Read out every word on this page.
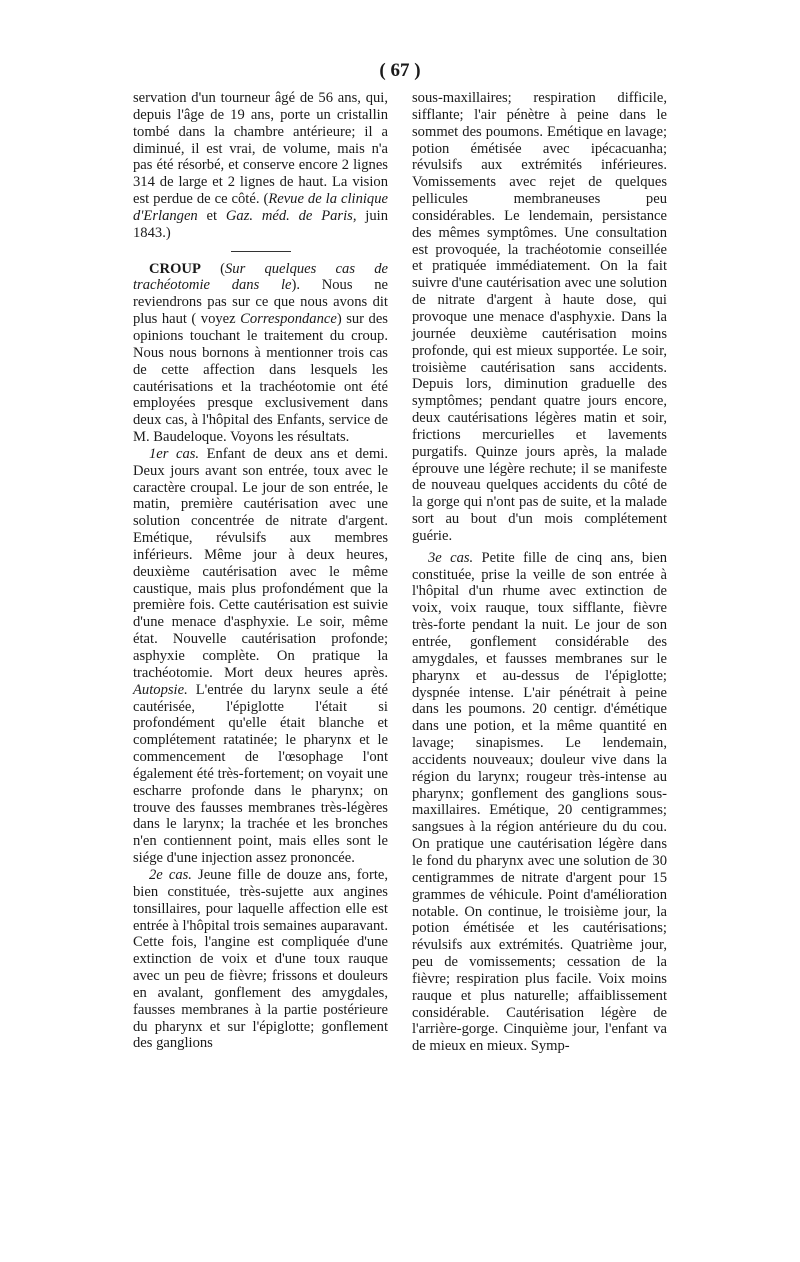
( 67 )

servation d'un tourneur âgé de 56 ans, qui, depuis l'âge de 19 ans, porte un cristallin tombé dans la chambre antérieure; il a diminué, il est vrai, de volume, mais n'a pas été résorbé, et conserve encore 2 lignes 314 de large et 2 lignes de haut. La vision est perdue de ce côté. (Revue de la clinique d'Erlangen et Gaz. méd. de Paris, juin 1843.)

CROUP (Sur quelques cas de trachéotomie dans le). Nous ne reviendrons pas sur ce que nous avons dit plus haut ( voyez Correspondance) sur des opinions touchant le traitement du croup. Nous nous bornons à mentionner trois cas de cette affection dans lesquels les cautérisations et la trachéotomie ont été employées presque exclusivement dans deux cas, à l'hôpital des Enfants, service de M. Baudeloque. Voyons les résultats.

1er cas. Enfant de deux ans et demi. Deux jours avant son entrée, toux avec le caractère croupal. Le jour de son entrée, le matin, première cautérisation avec une solution concentrée de nitrate d'argent. Emétique, révulsifs aux membres inférieurs. Même jour à deux heures, deuxième cautérisation avec le même caustique, mais plus profondément que la première fois. Cette cautérisation est suivie d'une menace d'asphyxie. Le soir, même état. Nouvelle cautérisation profonde; asphyxie complète. On pratique la trachéotomie. Mort deux heures après. Autopsie. L'entrée du larynx seule a été cautérisée, l'épiglotte l'était si profondément qu'elle était blanche et complétement ratatinée; le pharynx et le commencement de l'œsophage l'ont également été très-fortement; on voyait une escharre profonde dans le pharynx; on trouve des fausses membranes très-légères dans le larynx; la trachée et les bronches n'en contiennent point, mais elles sont le siége d'une injection assez prononcée.

2e cas. Jeune fille de douze ans, forte, bien constituée, très-sujette aux angines tonsillaires, pour laquelle affection elle est entrée à l'hôpital trois semaines auparavant. Cette fois, l'angine est compliquée d'une extinction de voix et d'une toux rauque avec un peu de fièvre; frissons et douleurs en avalant, gonflement des amygdales, fausses membranes à la partie postérieure du pharynx et sur l'épiglotte; gonflement des ganglions

sous-maxillaires; respiration difficile, sifflante; l'air pénètre à peine dans le sommet des poumons. Emétique en lavage; potion émétisée avec ipécacuanha; révulsifs aux extrémités inférieures. Vomissements avec rejet de quelques pellicules membraneuses peu considérables. Le lendemain, persistance des mêmes symptômes. Une consultation est provoquée, la trachéotomie conseillée et pratiquée immédiatement. On la fait suivre d'une cautérisation avec une solution de nitrate d'argent à haute dose, qui provoque une menace d'asphyxie. Dans la journée deuxième cautérisation moins profonde, qui est mieux supportée. Le soir, troisième cautérisation sans accidents. Depuis lors, diminution graduelle des symptômes; pendant quatre jours encore, deux cautérisations légères matin et soir, frictions mercurielles et lavements purgatifs. Quinze jours après, la malade éprouve une légère rechute; il se manifeste de nouveau quelques accidents du côté de la gorge qui n'ont pas de suite, et la malade sort au bout d'un mois complétement guérie.

3e cas. Petite fille de cinq ans, bien constituée, prise la veille de son entrée à l'hôpital d'un rhume avec extinction de voix, voix rauque, toux sifflante, fièvre très-forte pendant la nuit. Le jour de son entrée, gonflement considérable des amygdales, et fausses membranes sur le pharynx et au-dessus de l'épiglotte; dyspnée intense. L'air pénétrait à peine dans les poumons. 20 centigr. d'émétique dans une potion, et la même quantité en lavage; sinapismes. Le lendemain, accidents nouveaux; douleur vive dans la région du larynx; rougeur très-intense au pharynx; gonflement des ganglions sous-maxillaires. Emétique, 20 centigrammes; sangsues à la région antérieure du du cou. On pratique une cautérisation légère dans le fond du pharynx avec une solution de 30 centigrammes de nitrate d'argent pour 15 grammes de véhicule. Point d'amélioration notable. On continue, le troisième jour, la potion émétisée et les cautérisations; révulsifs aux extrémités. Quatrième jour, peu de vomissements; cessation de la fièvre; respiration plus facile. Voix moins rauque et plus naturelle; affaiblissement considérable. Cautérisation légère de l'arrière-gorge. Cinquième jour, l'enfant va de mieux en mieux. Symp-
